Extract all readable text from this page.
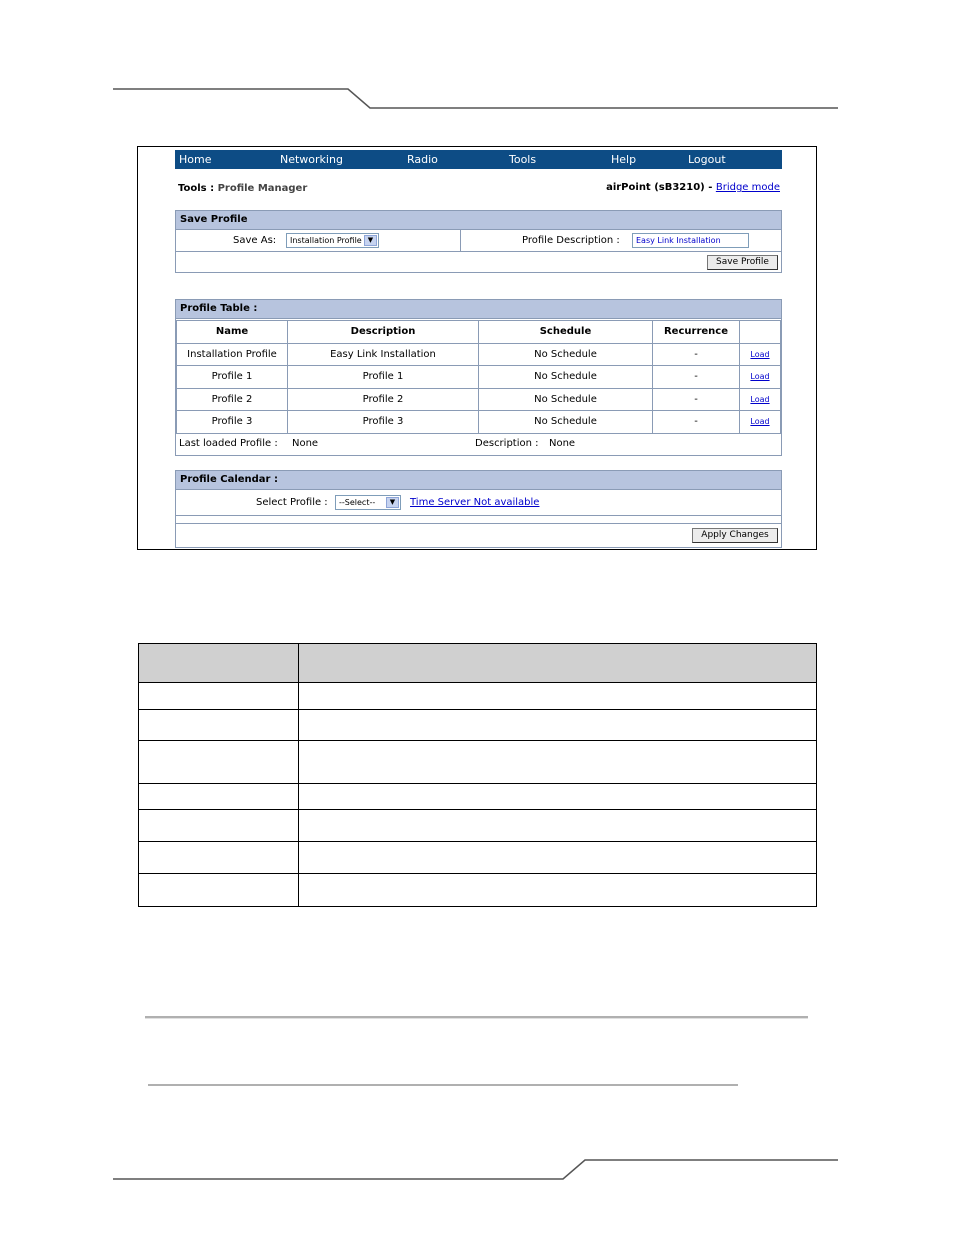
Home	Networking	Radio	Tools	Help	Logout
Tools : Profile Manager	airPoint (sB3210) - Bridge mode
Save Profile
Save As:	Installation Profile ▼	Profile Description :	Easy Link Installation
Save Profile
Profile Table :
Name	Description	Schedule	Recurrence	
Installation Profile	Easy Link Installation	No Schedule	-	Load
Profile 1	Profile 1	No Schedule	-	Load
Profile 2	Profile 2	No Schedule	-	Load
Profile 3	Profile 3	No Schedule	-	Load
Last loaded Profile : None	Description : None
Profile Calendar :
Select Profile :	--Select--	▼	Time Server Not available
Apply Changes
